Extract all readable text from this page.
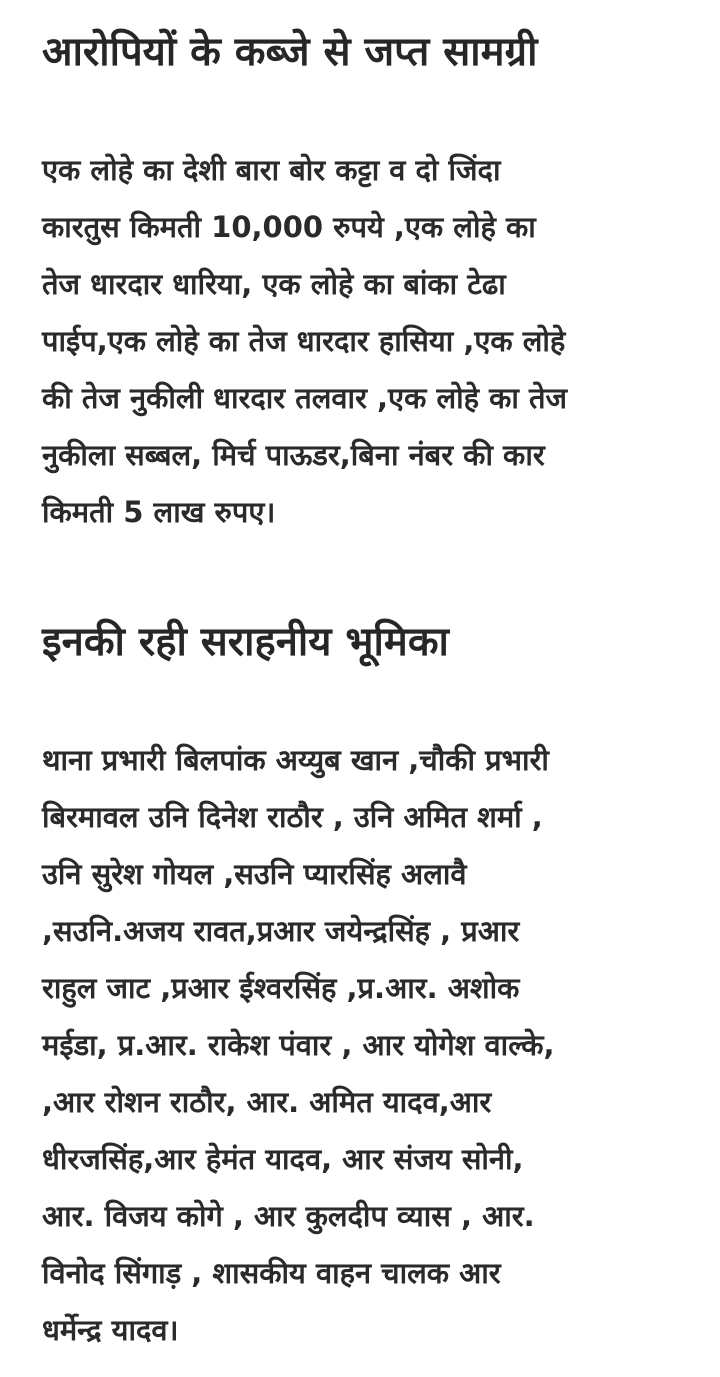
आरोपियों के कब्जे से जप्त सामग्री

एक लोहे का देशी बारा बोर कट्टा व दो जिंदा
कारतुस किमती 10,000 रुपये ,एक लोहे का
तेज धारदार धारिया, एक लोहे का बांका टेढा
पाईप,एक लोहे का तेज धारदार हासिया ,एक लोहे
की तेज नुकीली धारदार तलवार ,एक लोहे का तेज
नुकीला सब्बल, मिर्च पाऊडर,बिना नंबर की कार
किमती 5 लाख रुपए।

इनकी रही सराहनीय भूमिका

थाना प्रभारी बिलपांक अय्युब खान ,चौकी प्रभारी
बिरमावल उनि दिनेश राठौर , उनि अमित शर्मा ,
उनि सुरेश गोयल ,सउनि प्यारसिंह अलावै
,सउनि.अजय रावत,प्रआर जयेन्द्रसिंह , प्रआर
राहुल जाट ,प्रआर ईश्वरसिंह ,प्र.आर. अशोक
मईडा, प्र.आर. राकेश पंवार , आर योगेश वाल्के,
,आर रोशन राठौर, आर. अमित यादव,आर
धीरजसिंह,आर हेमंत यादव, आर संजय सोनी,
आर. विजय कोगे , आर कुलदीप व्यास , आर.
विनोद सिंगाड़ , शासकीय वाहन चालक आर
धर्मेन्द्र यादव।
